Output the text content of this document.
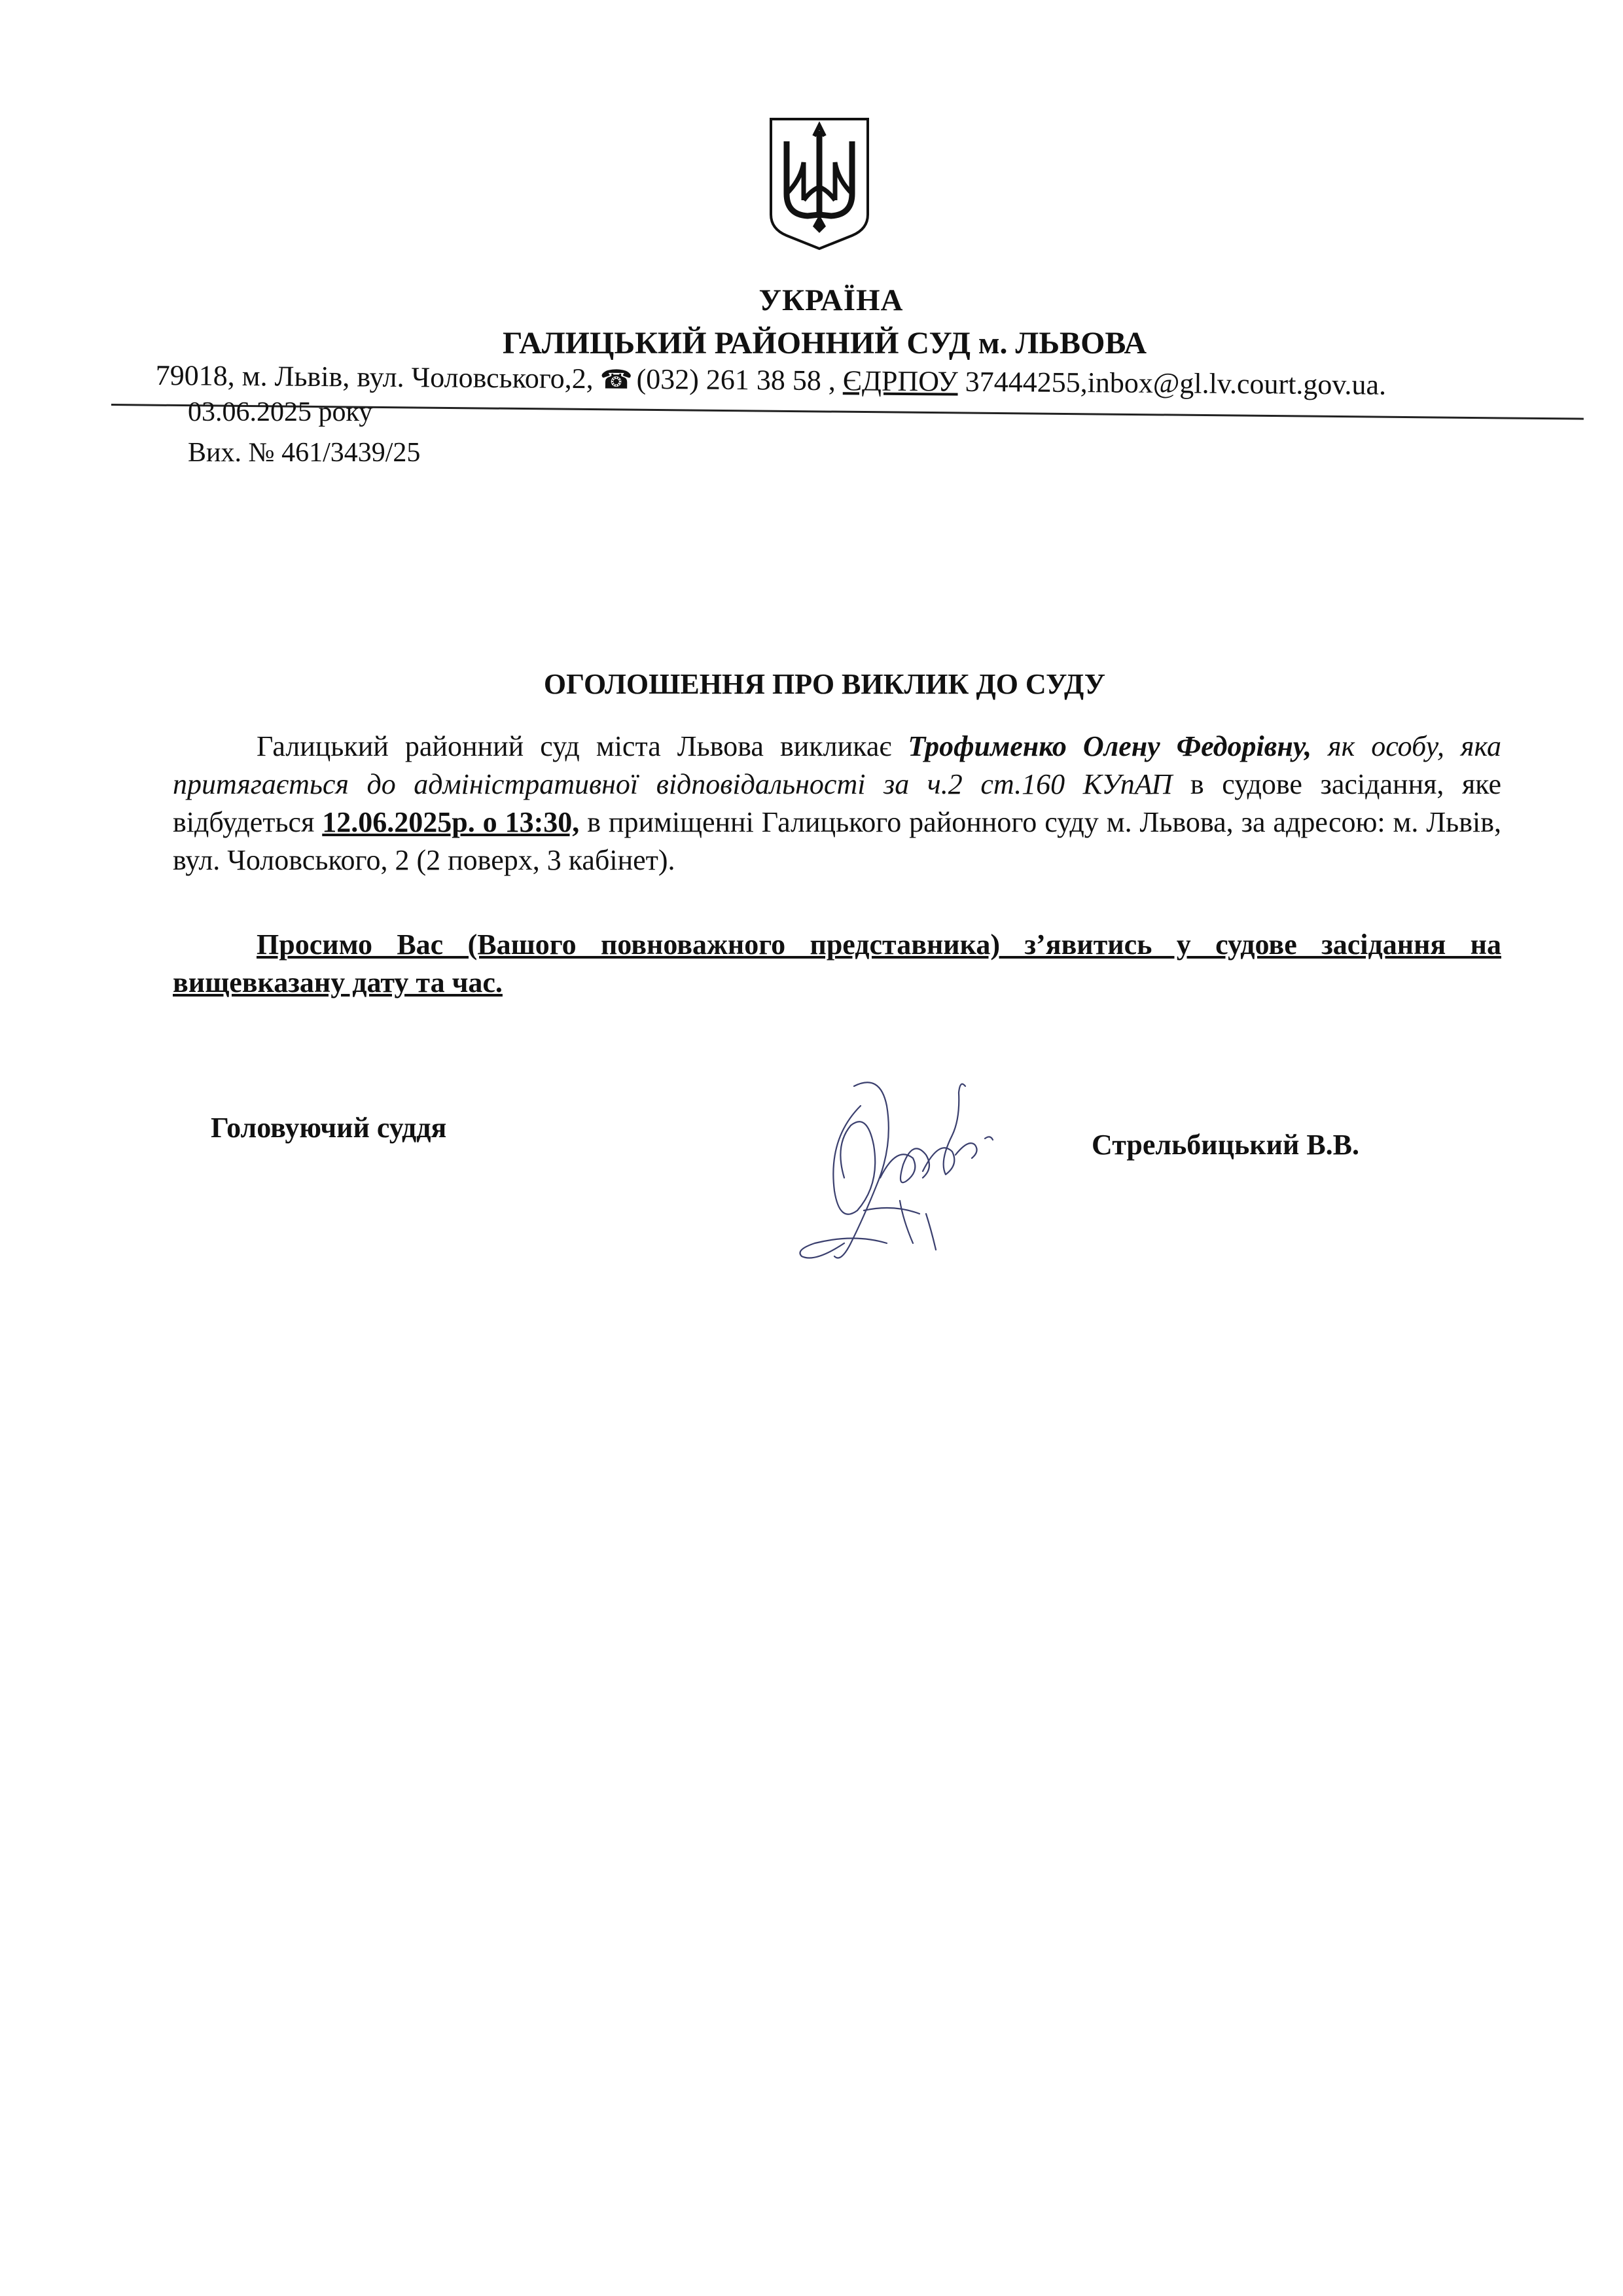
УКРАЇНА
ГАЛИЦЬКИЙ РАЙОННИЙ СУД м. ЛЬВОВА
79018, м. Львів, вул. Чоловського,2, ☎ (032) 261 38 58 , ЄДРПОУ 37444255,inbox@gl.lv.court.gov.ua.
03.06.2025 року
Вих. № 461/3439/25
ОГОЛОШЕННЯ ПРО ВИКЛИК ДО СУДУ
Галицький районний суд міста Львова викликає Трофименко Олену Федорівну, як особу, яка притягається до адміністративної відповідальності за ч.2 ст.160 КУпАП в судове засідання, яке відбудеться 12.06.2025р. о 13:30, в приміщенні Галицького районного суду м. Львова, за адресою: м. Львів, вул. Чоловського, 2 (2 поверх, 3 кабінет).
Просимо Вас (Вашого повноважного представника) з’явитись у судове засідання на вищевказану дату та час.
Головуючий суддя
Стрельбицький В.В.
